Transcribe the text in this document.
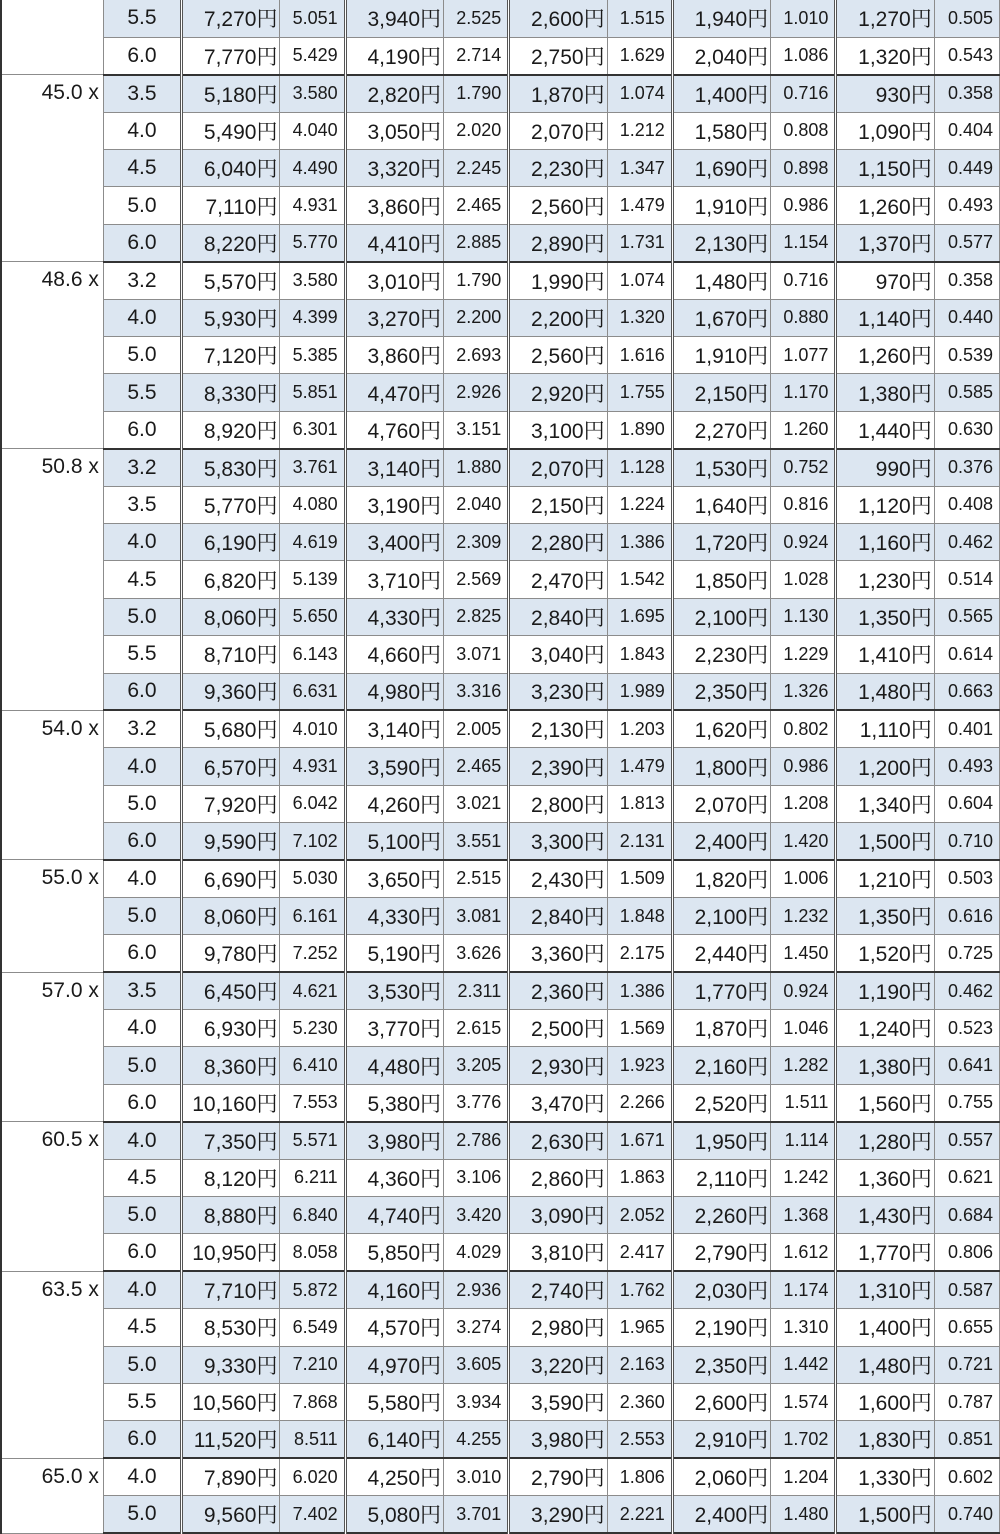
	5.5	7,270円	5.051	3,940円	2.525	2,600円	1.515	1,940円	1.010	1,270円	0.505
	6.0	7,770円	5.429	4,190円	2.714	2,750円	1.629	2,040円	1.086	1,320円	0.543
45.0 x	3.5	5,180円	3.580	2,820円	1.790	1,870円	1.074	1,400円	0.716	930円	0.358
	4.0	5,490円	4.040	3,050円	2.020	2,070円	1.212	1,580円	0.808	1,090円	0.404
	4.5	6,040円	4.490	3,320円	2.245	2,230円	1.347	1,690円	0.898	1,150円	0.449
	5.0	7,110円	4.931	3,860円	2.465	2,560円	1.479	1,910円	0.986	1,260円	0.493
	6.0	8,220円	5.770	4,410円	2.885	2,890円	1.731	2,130円	1.154	1,370円	0.577
48.6 x	3.2	5,570円	3.580	3,010円	1.790	1,990円	1.074	1,480円	0.716	970円	0.358
	4.0	5,930円	4.399	3,270円	2.200	2,200円	1.320	1,670円	0.880	1,140円	0.440
	5.0	7,120円	5.385	3,860円	2.693	2,560円	1.616	1,910円	1.077	1,260円	0.539
	5.5	8,330円	5.851	4,470円	2.926	2,920円	1.755	2,150円	1.170	1,380円	0.585
	6.0	8,920円	6.301	4,760円	3.151	3,100円	1.890	2,270円	1.260	1,440円	0.630
50.8 x	3.2	5,830円	3.761	3,140円	1.880	2,070円	1.128	1,530円	0.752	990円	0.376
	3.5	5,770円	4.080	3,190円	2.040	2,150円	1.224	1,640円	0.816	1,120円	0.408
	4.0	6,190円	4.619	3,400円	2.309	2,280円	1.386	1,720円	0.924	1,160円	0.462
	4.5	6,820円	5.139	3,710円	2.569	2,470円	1.542	1,850円	1.028	1,230円	0.514
	5.0	8,060円	5.650	4,330円	2.825	2,840円	1.695	2,100円	1.130	1,350円	0.565
	5.5	8,710円	6.143	4,660円	3.071	3,040円	1.843	2,230円	1.229	1,410円	0.614
	6.0	9,360円	6.631	4,980円	3.316	3,230円	1.989	2,350円	1.326	1,480円	0.663
54.0 x	3.2	5,680円	4.010	3,140円	2.005	2,130円	1.203	1,620円	0.802	1,110円	0.401
	4.0	6,570円	4.931	3,590円	2.465	2,390円	1.479	1,800円	0.986	1,200円	0.493
	5.0	7,920円	6.042	4,260円	3.021	2,800円	1.813	2,070円	1.208	1,340円	0.604
	6.0	9,590円	7.102	5,100円	3.551	3,300円	2.131	2,400円	1.420	1,500円	0.710
55.0 x	4.0	6,690円	5.030	3,650円	2.515	2,430円	1.509	1,820円	1.006	1,210円	0.503
	5.0	8,060円	6.161	4,330円	3.081	2,840円	1.848	2,100円	1.232	1,350円	0.616
	6.0	9,780円	7.252	5,190円	3.626	3,360円	2.175	2,440円	1.450	1,520円	0.725
57.0 x	3.5	6,450円	4.621	3,530円	2.311	2,360円	1.386	1,770円	0.924	1,190円	0.462
	4.0	6,930円	5.230	3,770円	2.615	2,500円	1.569	1,870円	1.046	1,240円	0.523
	5.0	8,360円	6.410	4,480円	3.205	2,930円	1.923	2,160円	1.282	1,380円	0.641
	6.0	10,160円	7.553	5,380円	3.776	3,470円	2.266	2,520円	1.511	1,560円	0.755
60.5 x	4.0	7,350円	5.571	3,980円	2.786	2,630円	1.671	1,950円	1.114	1,280円	0.557
	4.5	8,120円	6.211	4,360円	3.106	2,860円	1.863	2,110円	1.242	1,360円	0.621
	5.0	8,880円	6.840	4,740円	3.420	3,090円	2.052	2,260円	1.368	1,430円	0.684
	6.0	10,950円	8.058	5,850円	4.029	3,810円	2.417	2,790円	1.612	1,770円	0.806
63.5 x	4.0	7,710円	5.872	4,160円	2.936	2,740円	1.762	2,030円	1.174	1,310円	0.587
	4.5	8,530円	6.549	4,570円	3.274	2,980円	1.965	2,190円	1.310	1,400円	0.655
	5.0	9,330円	7.210	4,970円	3.605	3,220円	2.163	2,350円	1.442	1,480円	0.721
	5.5	10,560円	7.868	5,580円	3.934	3,590円	2.360	2,600円	1.574	1,600円	0.787
	6.0	11,520円	8.511	6,140円	4.255	3,980円	2.553	2,910円	1.702	1,830円	0.851
65.0 x	4.0	7,890円	6.020	4,250円	3.010	2,790円	1.806	2,060円	1.204	1,330円	0.602
	5.0	9,560円	7.402	5,080円	3.701	3,290円	2.221	2,400円	1.480	1,500円	0.740
